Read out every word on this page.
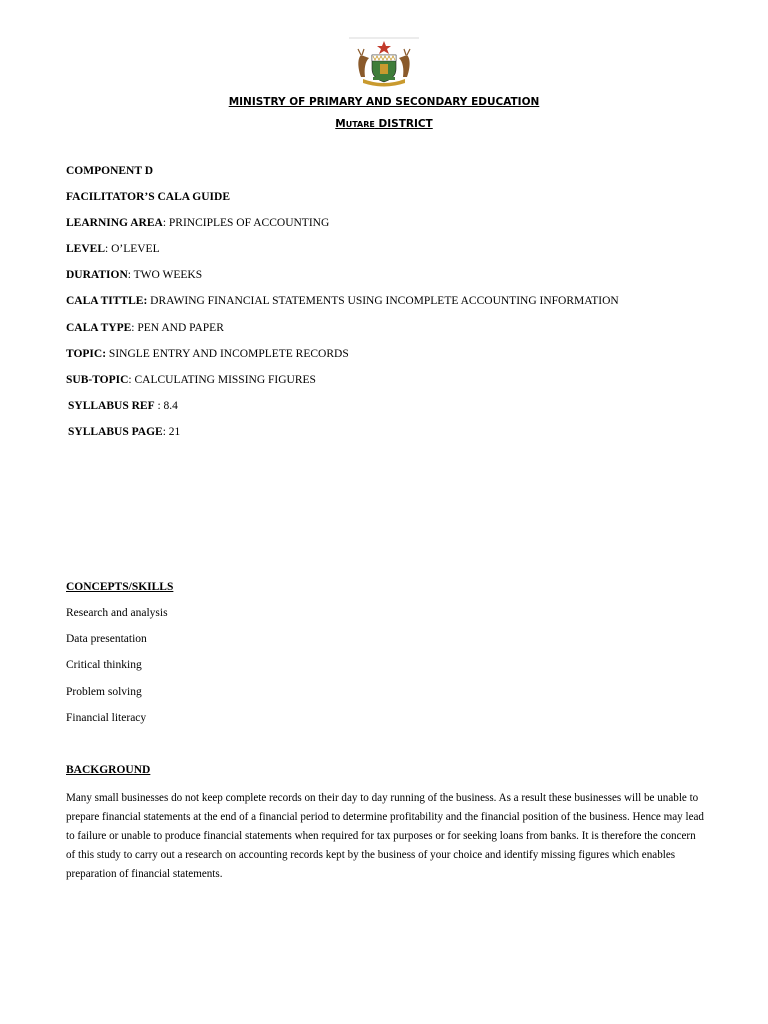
MINISTRY OF PRIMARY AND SECONDARY EDUCATION
MUTARE DISTRICT
COMPONENT D
FACILITATOR’S CALA GUIDE
LEARNING AREA: PRINCIPLES OF ACCOUNTING
LEVEL: O’LEVEL
DURATION: TWO WEEKS
CALA TITTLE: DRAWING FINANCIAL STATEMENTS USING INCOMPLETE ACCOUNTING INFORMATION
CALA TYPE: PEN AND PAPER
TOPIC: SINGLE ENTRY AND INCOMPLETE RECORDS
SUB-TOPIC: CALCULATING MISSING FIGURES
SYLLABUS REF : 8.4
SYLLABUS PAGE: 21
CONCEPTS/SKILLS
Research and analysis
Data presentation
Critical thinking
Problem solving
Financial literacy
BACKGROUND
Many small businesses do not keep complete records on their day to day running of the business. As a result these businesses will be unable to prepare financial statements at the end of a financial period to determine profitability and the financial position of the business. Hence may lead to failure or unable to produce financial statements when required for tax purposes or for seeking loans from banks. It is therefore the concern of this study to carry out a research on accounting records kept by the business of your choice and identify missing figures which enables preparation of financial statements.
